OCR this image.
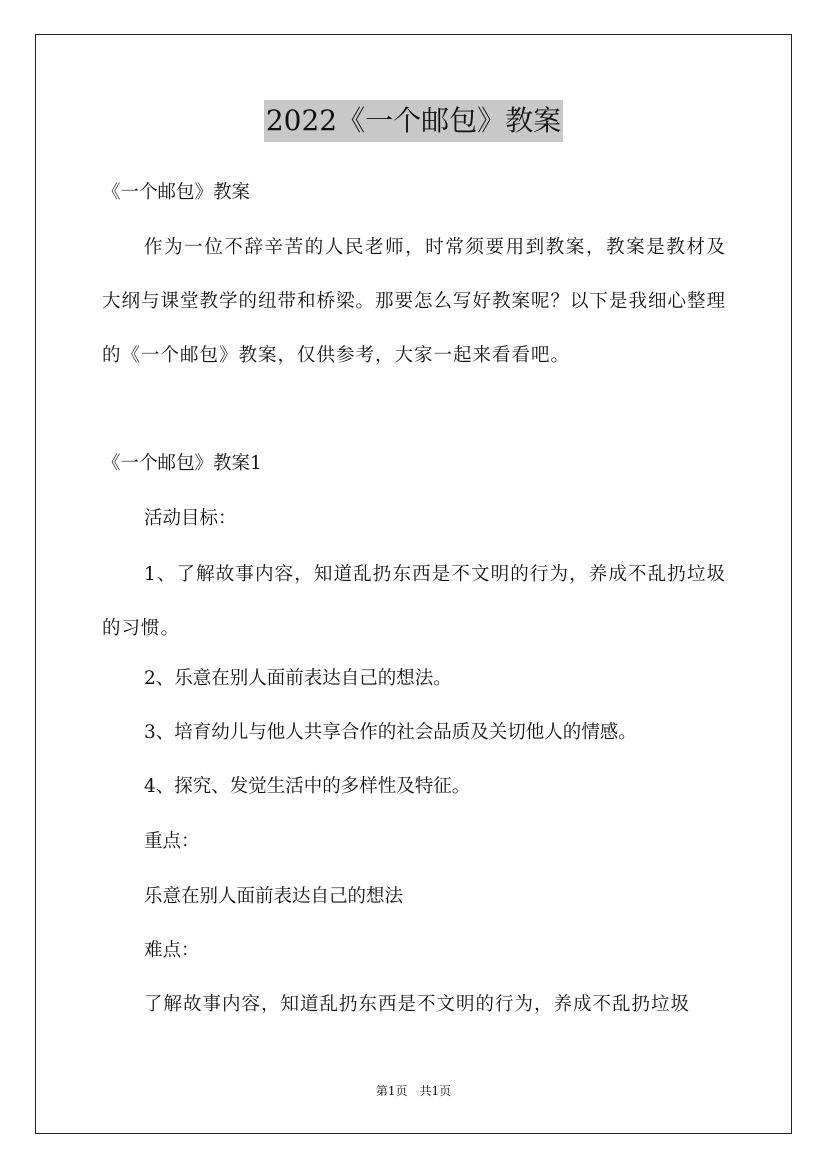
2022《一个邮包》教案
《一个邮包》教案
作为一位不辞辛苦的人民老师，时常须要用到教案，教案是教材及大纲与课堂教学的纽带和桥梁。那要怎么写好教案呢？以下是我细心整理的《一个邮包》教案，仅供参考，大家一起来看看吧。
《一个邮包》教案1
活动目标：
1、了解故事内容，知道乱扔东西是不文明的行为，养成不乱扔垃圾的习惯。
2、乐意在别人面前表达自己的想法。
3、培育幼儿与他人共享合作的社会品质及关切他人的情感。
4、探究、发觉生活中的多样性及特征。
重点：
乐意在别人面前表达自己的想法
难点：
了解故事内容，知道乱扔东西是不文明的行为，养成不乱扔垃圾
第1页　共1页
